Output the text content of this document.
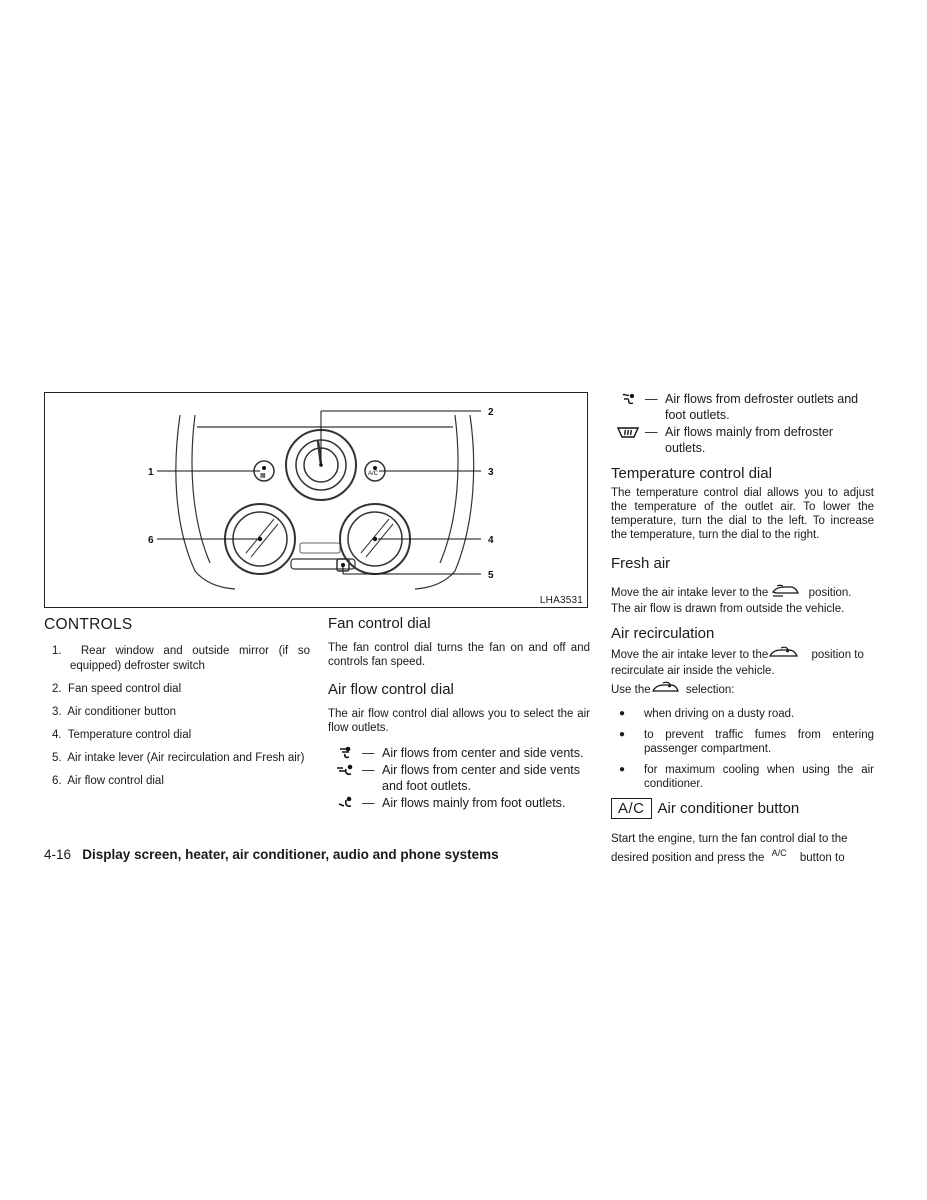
▦	A/C
1
2
3
4
5
6
LHA3531
CONTROLS
1. Rear window and outside mirror (if so equipped) defroster switch
2. Fan speed control dial
3. Air conditioner button
4. Temperature control dial
5. Air intake lever (Air recirculation and Fresh air)
6. Air flow control dial
Fan control dial

The fan control dial turns the fan on and off and controls fan speed.

Air flow control dial

The air flow control dial allows you to select the air flow outlets.

— Air flows from center and side vents.
— Air flows from center and side vents and foot outlets.
— Air flows mainly from foot outlets.
— Air flows from defroster outlets and foot outlets.
— Air flows mainly from defroster outlets.
Temperature control dial

The temperature control dial allows you to adjust the temperature of the outlet air. To lower the temperature, turn the dial to the left. To increase the temperature, turn the dial to the right.

Fresh air

Move the air intake lever to the	position.
The air flow is drawn from outside the vehicle.

Air recirculation

Move the air intake lever to the	position to
recirculate air inside the vehicle.

Use the	selection:

●	when driving on a dusty road.
●	to prevent traffic fumes from entering passenger compartment.
●	for maximum cooling when using the air conditioner.
A/C Air conditioner button

Start the engine, turn the fan control dial to the
desired position and press the $^{A/C}$ button to

4-16 Display screen, heater, air conditioner, audio and phone systems
